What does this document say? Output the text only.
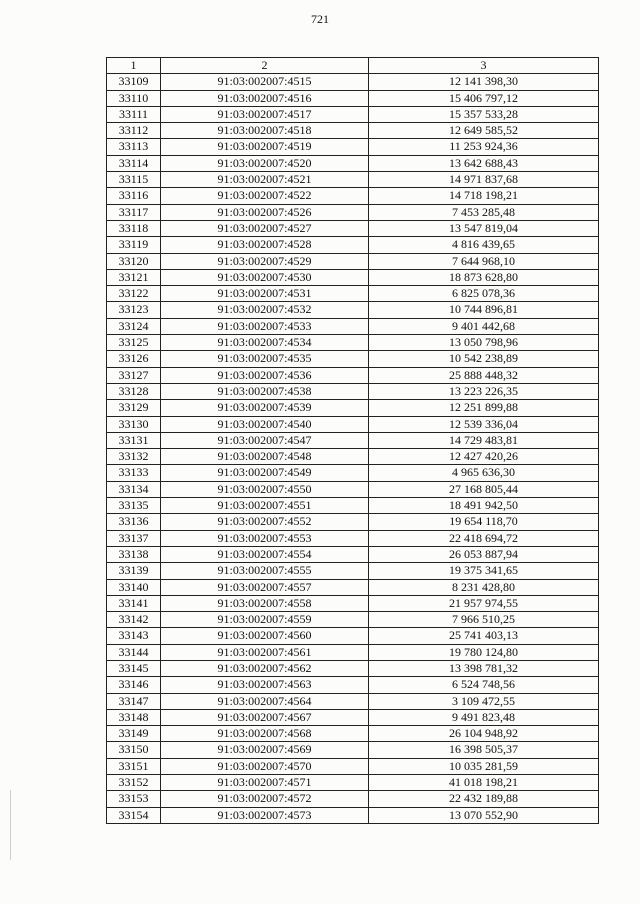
721
1	2	3
33109	91:03:002007:4515	12 141 398,30
33110	91:03:002007:4516	15 406 797,12
33111	91:03:002007:4517	15 357 533,28
33112	91:03:002007:4518	12 649 585,52
33113	91:03:002007:4519	11 253 924,36
33114	91:03:002007:4520	13 642 688,43
33115	91:03:002007:4521	14 971 837,68
33116	91:03:002007:4522	14 718 198,21
33117	91:03:002007:4526	7 453 285,48
33118	91:03:002007:4527	13 547 819,04
33119	91:03:002007:4528	4 816 439,65
33120	91:03:002007:4529	7 644 968,10
33121	91:03:002007:4530	18 873 628,80
33122	91:03:002007:4531	6 825 078,36
33123	91:03:002007:4532	10 744 896,81
33124	91:03:002007:4533	9 401 442,68
33125	91:03:002007:4534	13 050 798,96
33126	91:03:002007:4535	10 542 238,89
33127	91:03:002007:4536	25 888 448,32
33128	91:03:002007:4538	13 223 226,35
33129	91:03:002007:4539	12 251 899,88
33130	91:03:002007:4540	12 539 336,04
33131	91:03:002007:4547	14 729 483,81
33132	91:03:002007:4548	12 427 420,26
33133	91:03:002007:4549	4 965 636,30
33134	91:03:002007:4550	27 168 805,44
33135	91:03:002007:4551	18 491 942,50
33136	91:03:002007:4552	19 654 118,70
33137	91:03:002007:4553	22 418 694,72
33138	91:03:002007:4554	26 053 887,94
33139	91:03:002007:4555	19 375 341,65
33140	91:03:002007:4557	8 231 428,80
33141	91:03:002007:4558	21 957 974,55
33142	91:03:002007:4559	7 966 510,25
33143	91:03:002007:4560	25 741 403,13
33144	91:03:002007:4561	19 780 124,80
33145	91:03:002007:4562	13 398 781,32
33146	91:03:002007:4563	6 524 748,56
33147	91:03:002007:4564	3 109 472,55
33148	91:03:002007:4567	9 491 823,48
33149	91:03:002007:4568	26 104 948,92
33150	91:03:002007:4569	16 398 505,37
33151	91:03:002007:4570	10 035 281,59
33152	91:03:002007:4571	41 018 198,21
33153	91:03:002007:4572	22 432 189,88
33154	91:03:002007:4573	13 070 552,90
